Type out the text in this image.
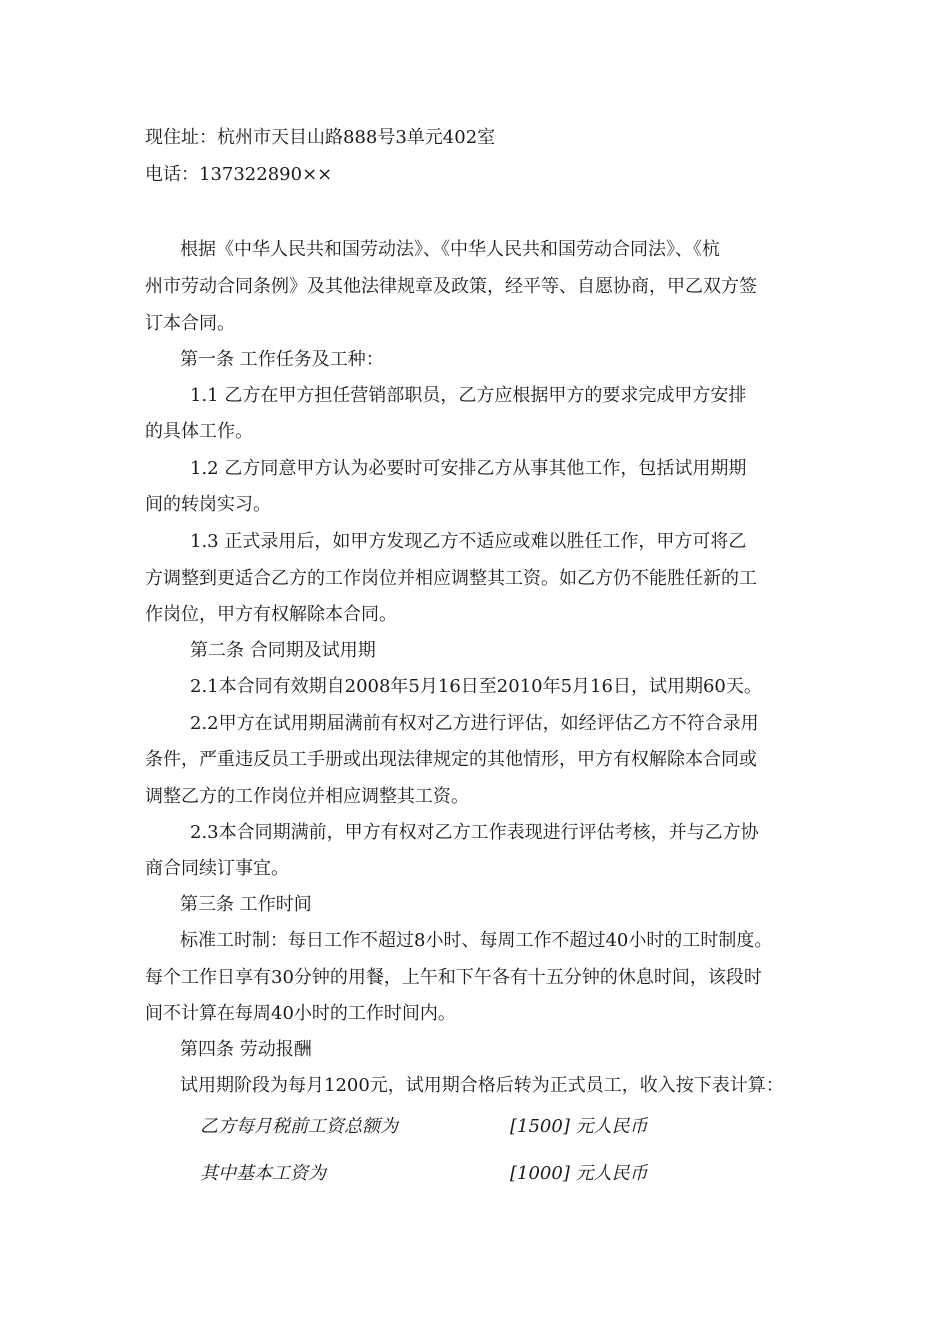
现住址：杭州市天目山路888号3单元402室
电话：137322890××
根据《中华人民共和国劳动法》、《中华人民共和国劳动合同法》、《杭
州市劳动合同条例》及其他法律规章及政策，经平等、自愿协商，甲乙双方签
订本合同。
第一条 工作任务及工种：
1.1 乙方在甲方担任营销部职员，乙方应根据甲方的要求完成甲方安排
的具体工作。
1.2 乙方同意甲方认为必要时可安排乙方从事其他工作，包括试用期期
间的转岗实习。
1.3 正式录用后，如甲方发现乙方不适应或难以胜任工作，甲方可将乙
方调整到更适合乙方的工作岗位并相应调整其工资。如乙方仍不能胜任新的工
作岗位，甲方有权解除本合同。
第二条 合同期及试用期
2.1本合同有效期自2008年5月16日至2010年5月16日，试用期60天。
2.2甲方在试用期届满前有权对乙方进行评估，如经评估乙方不符合录用
条件，严重违反员工手册或出现法律规定的其他情形，甲方有权解除本合同或
调整乙方的工作岗位并相应调整其工资。
2.3本合同期满前，甲方有权对乙方工作表现进行评估考核，并与乙方协
商合同续订事宜。
第三条 工作时间
标准工时制：每日工作不超过8小时、每周工作不超过40小时的工时制度。
每个工作日享有30分钟的用餐，上午和下午各有十五分钟的休息时间，该段时
间不计算在每周40小时的工作时间内。
第四条 劳动报酬
试用期阶段为每月1200元，试用期合格后转为正式员工，收入按下表计算：
乙方每月税前工资总额为	[1500] 元人民币
其中基本工资为	[1000] 元人民币
